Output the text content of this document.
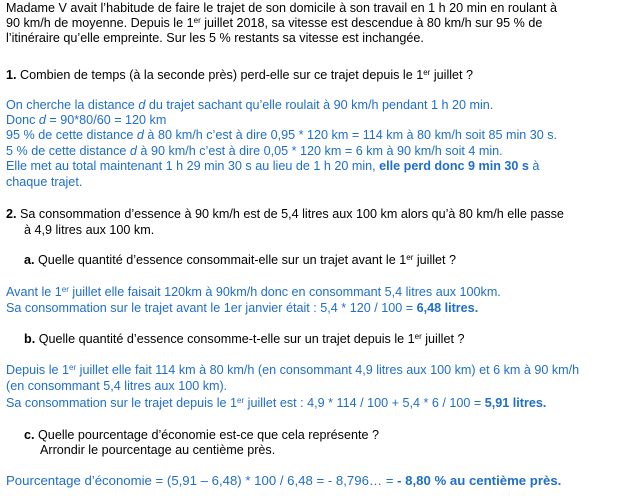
Madame V avait l’habitude de faire le trajet de son domicile à son travail en 1 h 20 min en roulant à
90 km/h de moyenne. Depuis le 1er juillet 2018, sa vitesse est descendue à 80 km/h sur 95 % de
l’itinéraire qu’elle empreinte. Sur les 5 % restants sa vitesse est inchangée.
1. Combien de temps (à la seconde près) perd-elle sur ce trajet depuis le 1er juillet ?
On cherche la distance d du trajet sachant qu’elle roulait à 90 km/h pendant 1 h 20 min.
Donc d = 90*80/60 = 120 km
95 % de cette distance d à 80 km/h c’est à dire 0,95 * 120 km = 114 km à 80 km/h soit 85 min 30 s.
5 % de cette distance d à 90 km/h c’est à dire 0,05 * 120 km = 6 km à 90 km/h soit 4 min.
Elle met au total maintenant 1 h 29 min 30 s au lieu de 1 h 20 min, elle perd donc 9 min 30 s à
chaque trajet.
2. Sa consommation d’essence à 90 km/h est de 5,4 litres aux 100 km alors qu’à 80 km/h elle passe
à 4,9 litres aux 100 km.
a. Quelle quantité d’essence consommait-elle sur un trajet avant le 1er juillet ?
Avant le 1er juillet elle faisait 120km à 90km/h donc en consommant 5,4 litres aux 100km.
Sa consommation sur le trajet avant le 1er janvier était : 5,4 * 120 / 100 = 6,48 litres.
b. Quelle quantité d’essence consomme-t-elle sur un trajet depuis le 1er juillet ?
Depuis le 1er juillet elle fait 114 km à 80 km/h (en consommant 4,9 litres aux 100 km) et 6 km à 90 km/h
(en consommant 5,4 litres aux 100 km).
Sa consommation sur le trajet depuis le 1er juillet est : 4,9 * 114 / 100 + 5,4 * 6 / 100 = 5,91 litres.
c. Quelle pourcentage d’économie est-ce que cela représente ?
Arrondir le pourcentage au centième près.
Pourcentage d’économie = (5,91 – 6,48) * 100 / 6,48 = - 8,796… = - 8,80 % au centième près.
